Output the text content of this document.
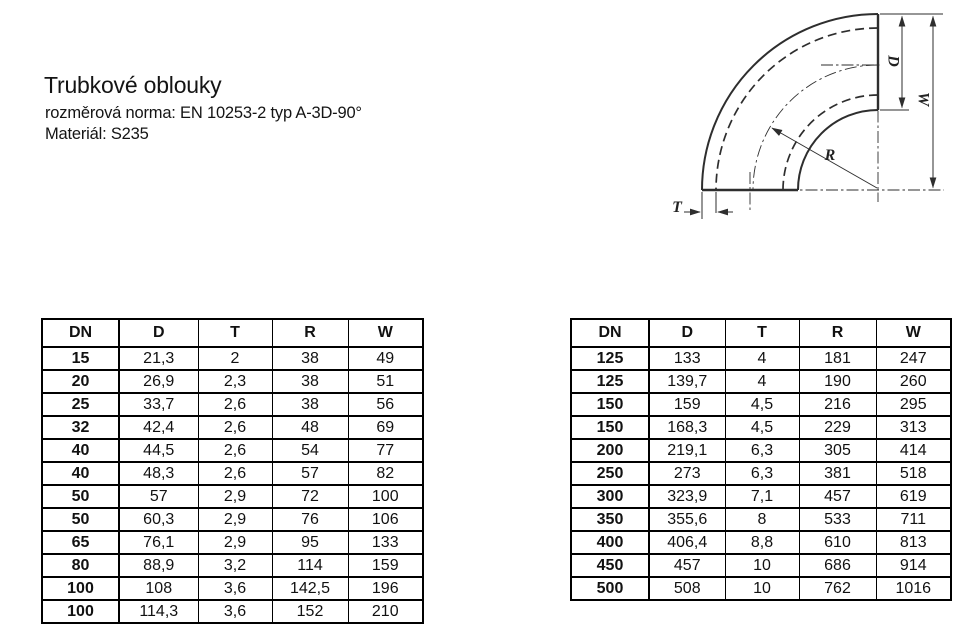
Trubkové oblouky
rozměrová norma: EN 10253-2 typ A-3D-90°
Materiál: S235
D
W
R
T
DN	D	T	R	W
15	21,3	2	38	49
20	26,9	2,3	38	51
25	33,7	2,6	38	56
32	42,4	2,6	48	69
40	44,5	2,6	54	77
40	48,3	2,6	57	82
50	57	2,9	72	100
50	60,3	2,9	76	106
65	76,1	2,9	95	133
80	88,9	3,2	114	159
100	108	3,6	142,5	196
100	114,3	3,6	152	210
DN	D	T	R	W
125	133	4	181	247
125	139,7	4	190	260
150	159	4,5	216	295
150	168,3	4,5	229	313
200	219,1	6,3	305	414
250	273	6,3	381	518
300	323,9	7,1	457	619
350	355,6	8	533	711
400	406,4	8,8	610	813
450	457	10	686	914
500	508	10	762	1016
